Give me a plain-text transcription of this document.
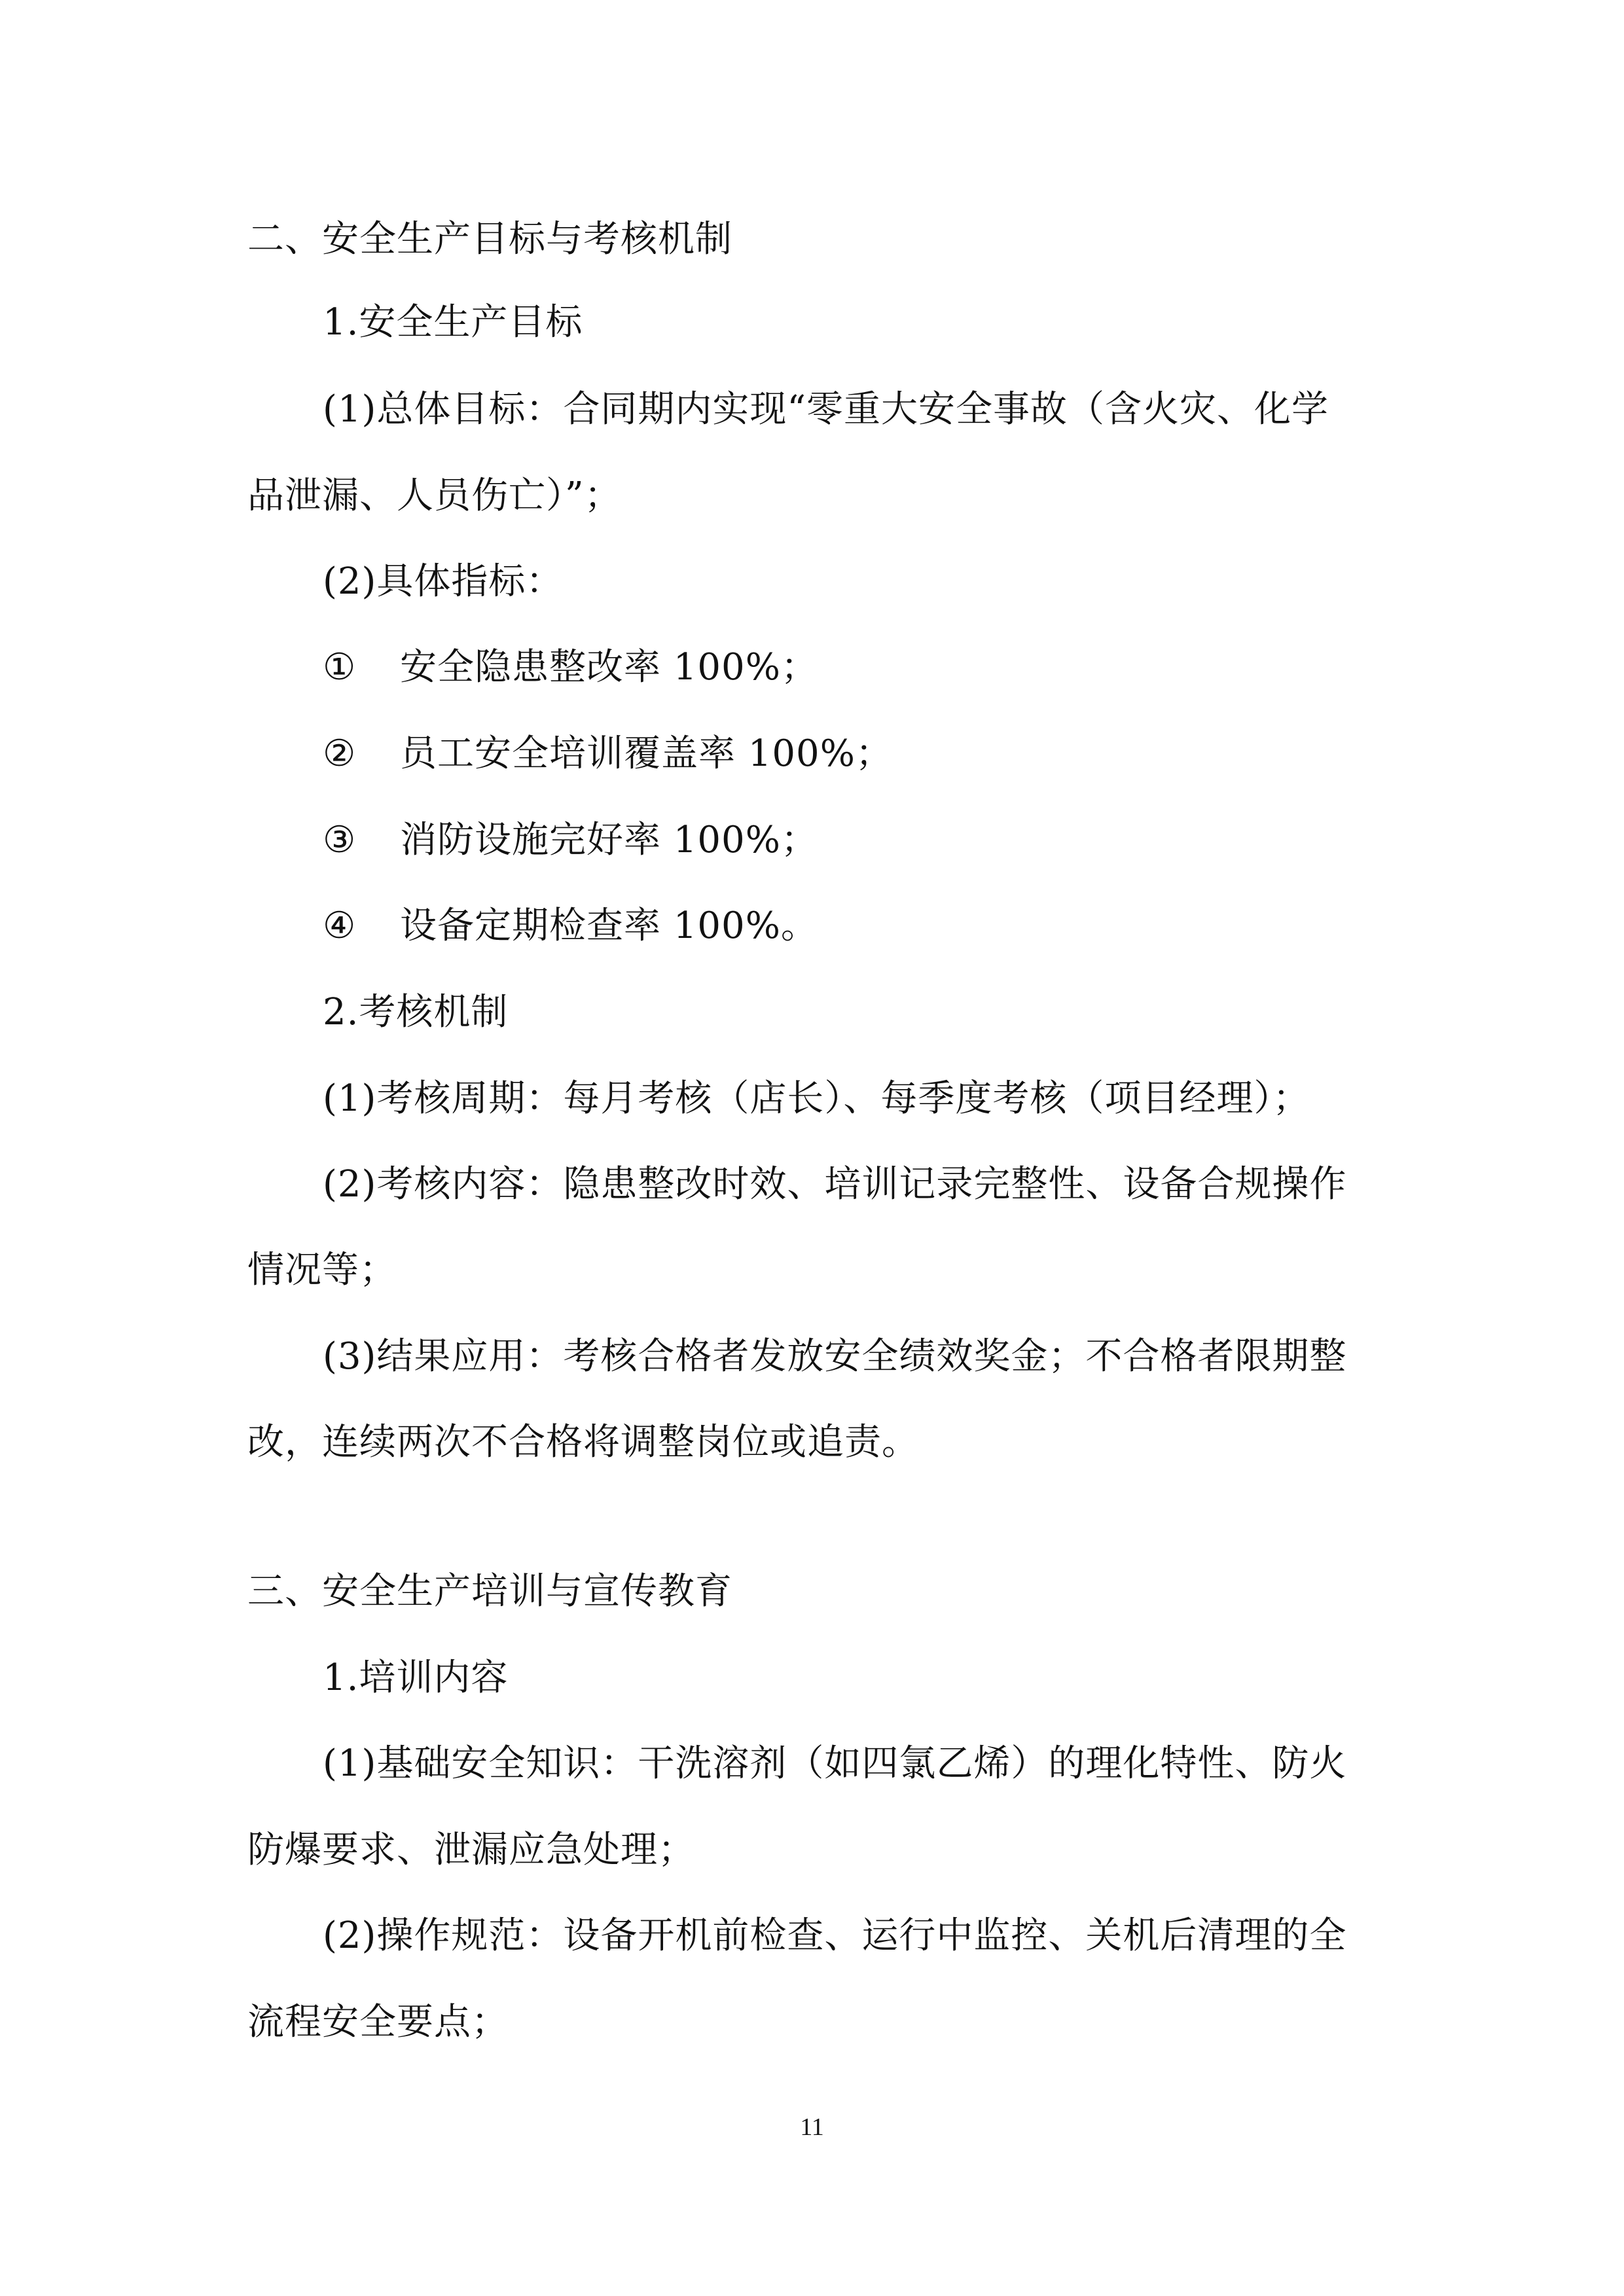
二、安全生产目标与考核机制
1.安全生产目标
(1)总体目标：合同期内实现“零重大安全事故（含火灾、化学
品泄漏、人员伤亡）”；
(2)具体指标：
① 安全隐患整改率 100%；
② 员工安全培训覆盖率 100%；
③ 消防设施完好率 100%；
④ 设备定期检查率 100%。
2.考核机制
(1)考核周期：每月考核（店长）、每季度考核（项目经理）；
(2)考核内容：隐患整改时效、培训记录完整性、设备合规操作
情况等；
(3)结果应用：考核合格者发放安全绩效奖金；不合格者限期整
改，连续两次不合格将调整岗位或追责。
三、安全生产培训与宣传教育
1.培训内容
(1)基础安全知识：干洗溶剂（如四氯乙烯）的理化特性、防火
防爆要求、泄漏应急处理；
(2)操作规范：设备开机前检查、运行中监控、关机后清理的全
流程安全要点；
11
